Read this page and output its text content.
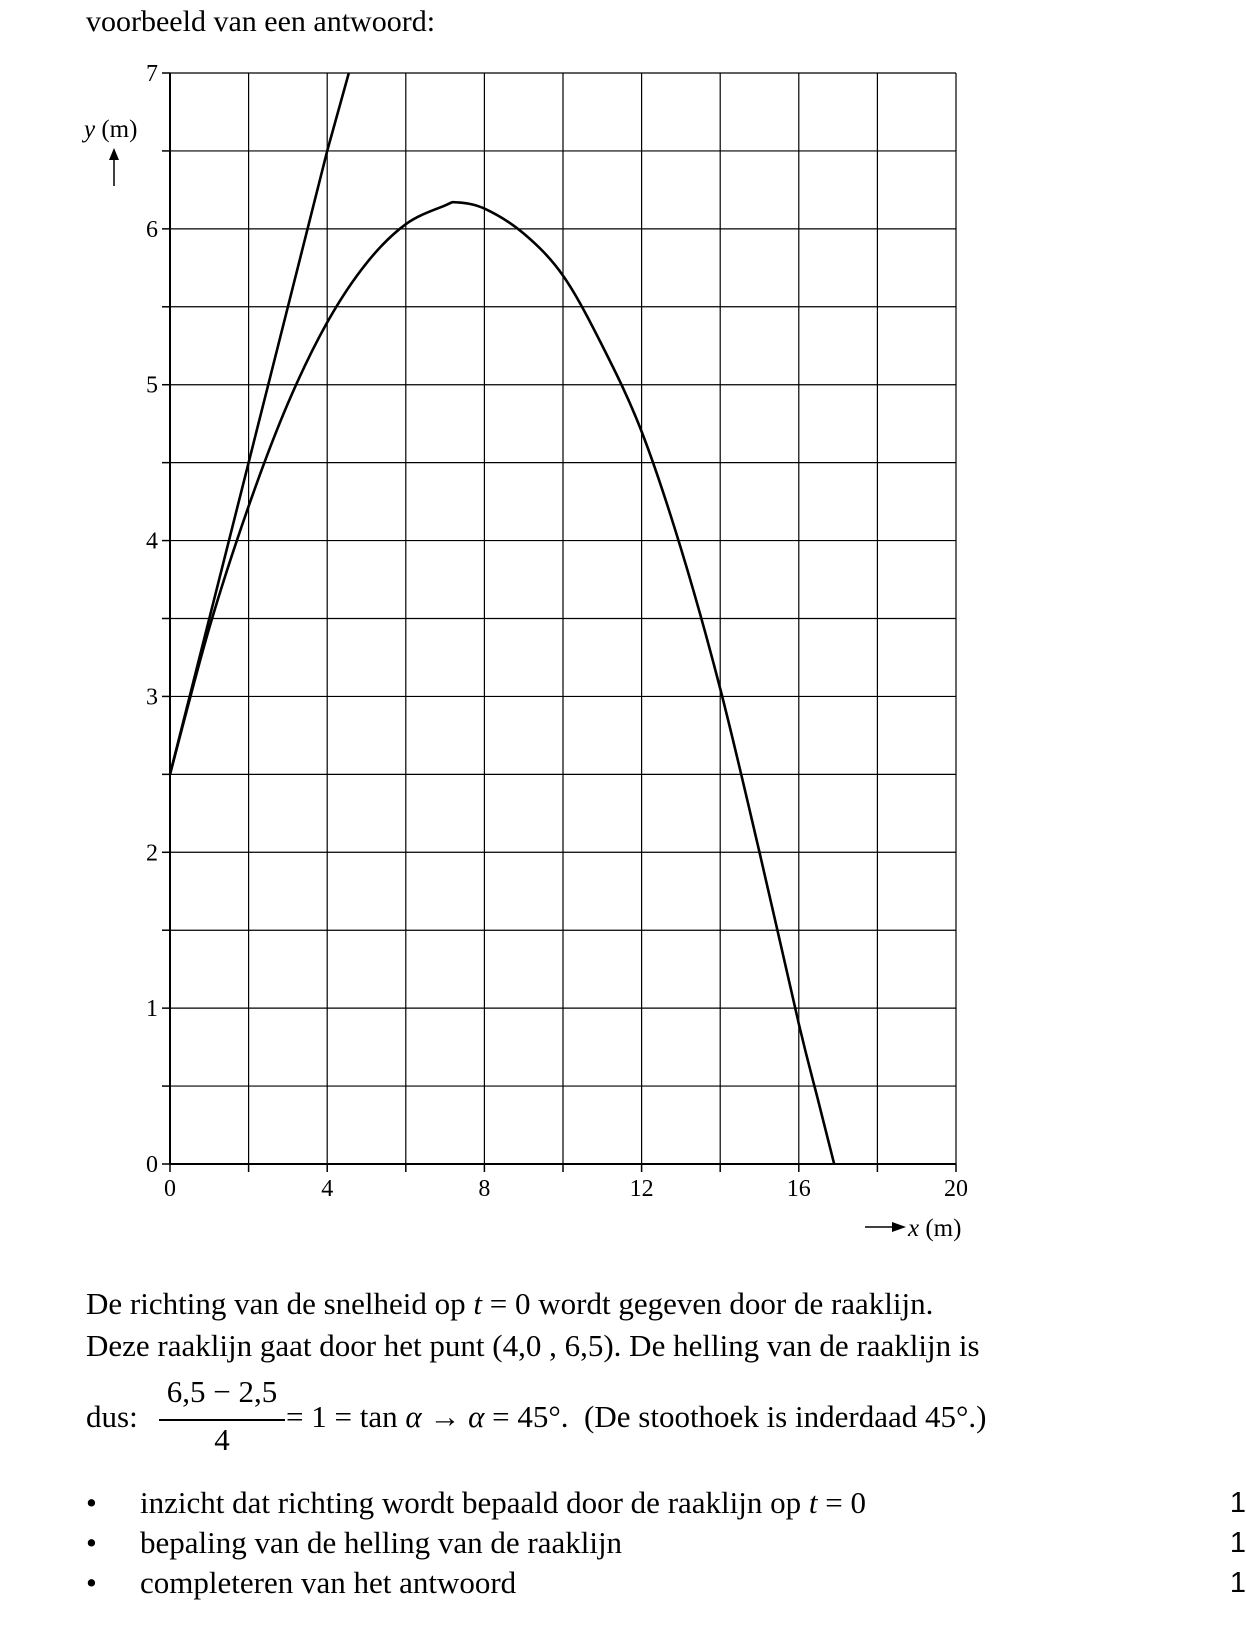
voorbeeld van een antwoord:
0	4	8	12	16	20
0
1
2
3
4
5
6
7
y (m)
x (m)
De richting van de snelheid op t = 0 wordt gegeven door de raaklijn.
Deze raaklijn gaat door het punt (4,0 , 6,5). De helling van de raaklijn is
dus:
6,5 − 2,5
4
= 1 = tan α → α = 45°. (De stoothoek is inderdaad 45°.)
• inzicht dat richting wordt bepaald door de raaklijn op t = 0	1
• bepaling van de helling van de raaklijn	1
• completeren van het antwoord	1
